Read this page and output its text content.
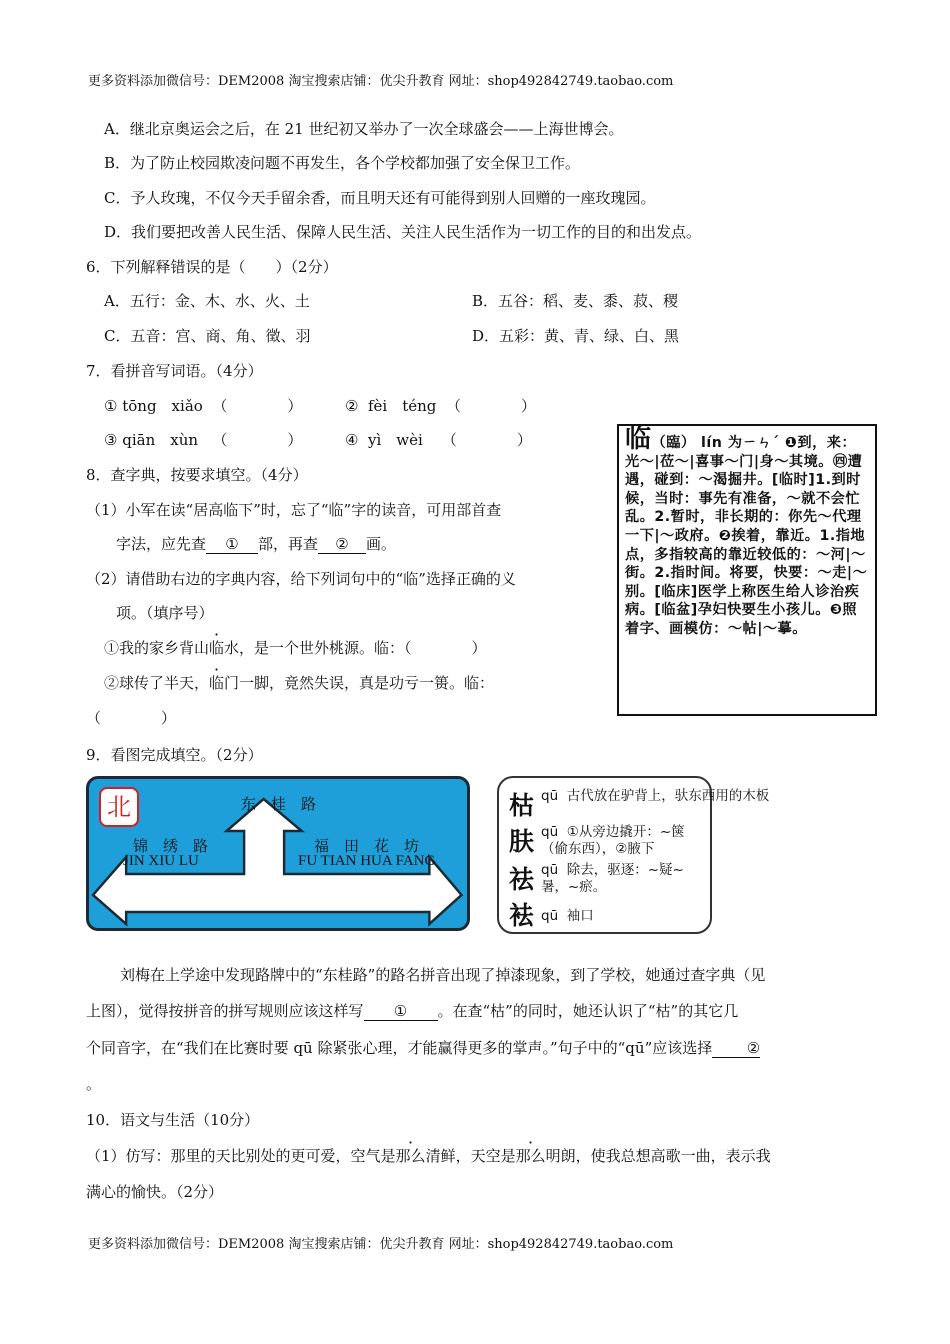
更多资料添加微信号：DEM2008 淘宝搜索店铺：优尖升教育 网址：shop492842749.taobao.com
A．继北京奥运会之后，在 21 世纪初又举办了一次全球盛会——上海世博会。
B．为了防止校园欺凌问题不再发生，各个学校都加强了安全保卫工作。
C．予人玫瑰，不仅今天手留余香，而且明天还有可能得到别人回赠的一座玫瑰园。
D．我们要把改善人民生活、保障人民生活、关注人民生活作为一切工作的目的和出发点。
6．下列解释错误的是（　　）（2分）
A．五行：金、木、水、火、土	B．五谷：稻、麦、黍、菽、稷
C．五音：宫、商、角、徵、羽	D．五彩：黄、青、绿、白、黑
7．看拼音写词语。（4分）
① tōng　xiǎo （　　　　）	② fèi　téng （　　　　）
③ qiān　xùn （　　　　）	④ yì　wèi （　　　　）
8．查字典，按要求填空。（4分）
（1）小军在读“居高临下”时，忘了“临”字的读音，可用部首查
字法，应先查 ① 部，再查 ② 画。
（2）请借助右边的字典内容，给下列词句中的“临”选择正确的义
项。（填序号）
①我的家乡背山临水，是一个世外桃源。临：（　　　　）
②球传了半天，临门一脚，竟然失误，真是功亏一篑。临：
（　　　　）
临（臨） lín 为ㄧㄣˊ ❶到，来：光～|莅～|喜事～门|身～其境。㊃遭遇，碰到：～渴掘井。[临时]1.到时候，当时：事先有准备，～就不会忙乱。2.暂时，非长期的：你先～代理一下|～政府。❷挨着，靠近。1.指地点，多指较高的靠近较低的：～河|～街。2.指时间。将要，快要：～走|～别。[临床]医学上称医生给人诊治疾病。[临盆]孕妇快要生小孩儿。❸照着字、画模仿：～帖|～摹。
9．看图完成填空。（2分）
北	东　桂　路
锦　绣　路
JIN XIU LU
福　田　花　坊
FU TIAN HUA FANG
枯 qū 古代放在驴背上，驮东西用的木板
肤 qū ①从旁边撬开：~箧（偷东西），②腋下
祛 qū 除去，驱逐：~疑~暑，~瘀。
袪 qū 袖口
刘梅在上学途中发现路牌中的“东桂路”的路名拼音出现了掉漆现象，到了学校，她通过查字典（见
上图），觉得按拼音的拼写规则应该这样写 ① 。在查“枯”的同时，她还认识了“枯”的其它几
个同音字，在“我们在比赛时要 qū 除紧张心理，才能赢得更多的掌声。”句子中的“qū”应该选择 ②
。
10．语文与生活（10分）
（1）仿写：那里的天比别处的更可爱，空气是那么清鲜，天空是那么明朗，使我总想高歌一曲，表示我
满心的愉快。（2分）
更多资料添加微信号：DEM2008 淘宝搜索店铺：优尖升教育 网址：shop492842749.taobao.com
